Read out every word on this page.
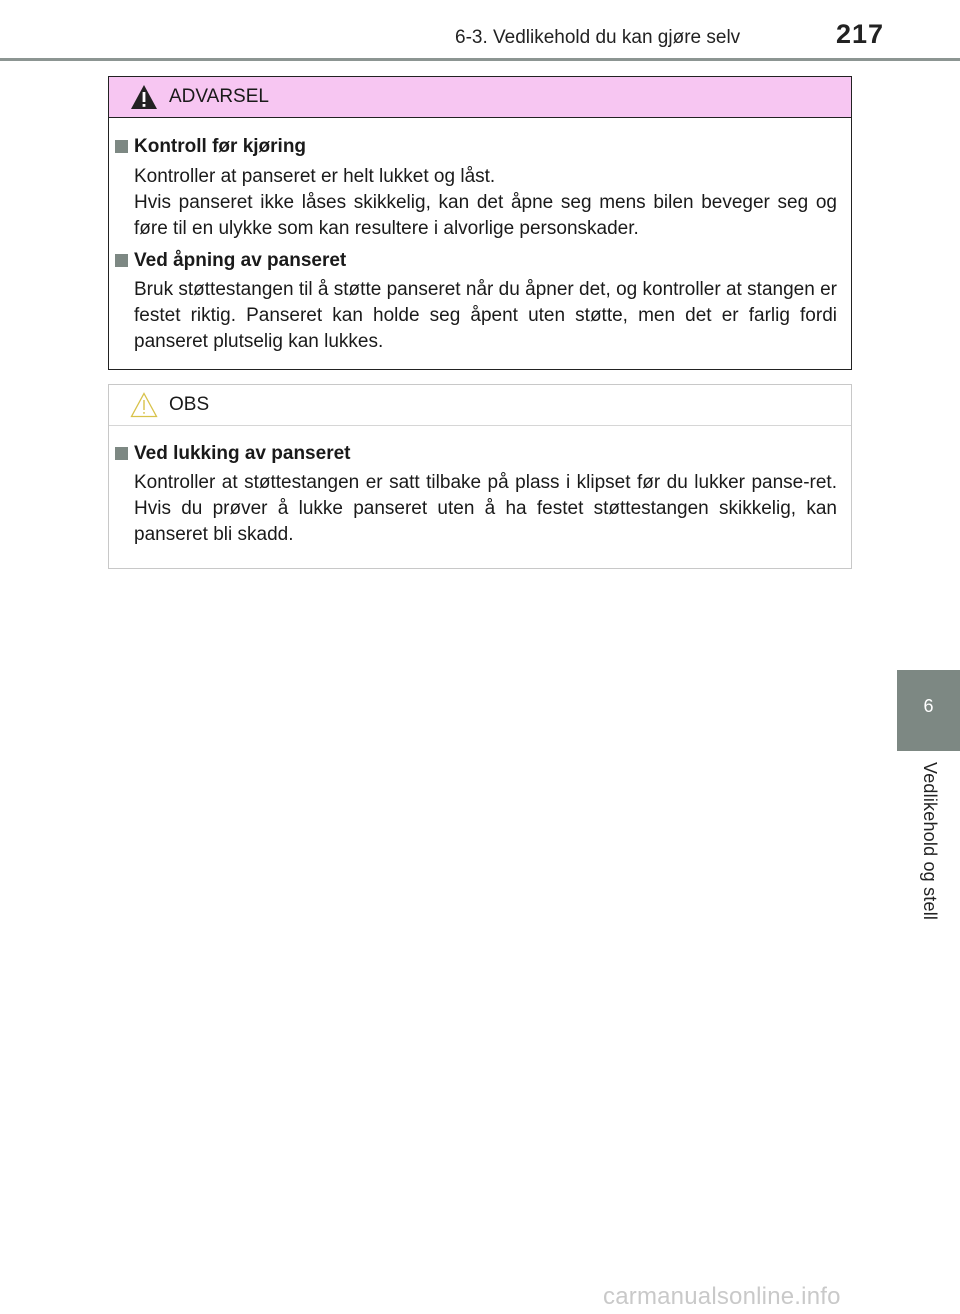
6-3. Vedlikehold du kan gjøre selv	217
6
Vedlikehold og stell
ADVARSEL
Kontroll før kjøring
Kontroller at panseret er helt lukket og låst.
Hvis panseret ikke låses skikkelig, kan det åpne seg mens bilen beveger seg og føre til en ulykke som kan resultere i alvorlige personskader.
Ved åpning av panseret
Bruk støttestangen til å støtte panseret når du åpner det, og kontroller at stangen er festet riktig. Panseret kan holde seg åpent uten støtte, men det er farlig fordi panseret plutselig kan lukkes.
OBS
Ved lukking av panseret
Kontroller at støttestangen er satt tilbake på plass i klipset før du lukker panse-ret. Hvis du prøver å lukke panseret uten å ha festet støttestangen skikkelig, kan panseret bli skadd.
carmanualsonline.info
